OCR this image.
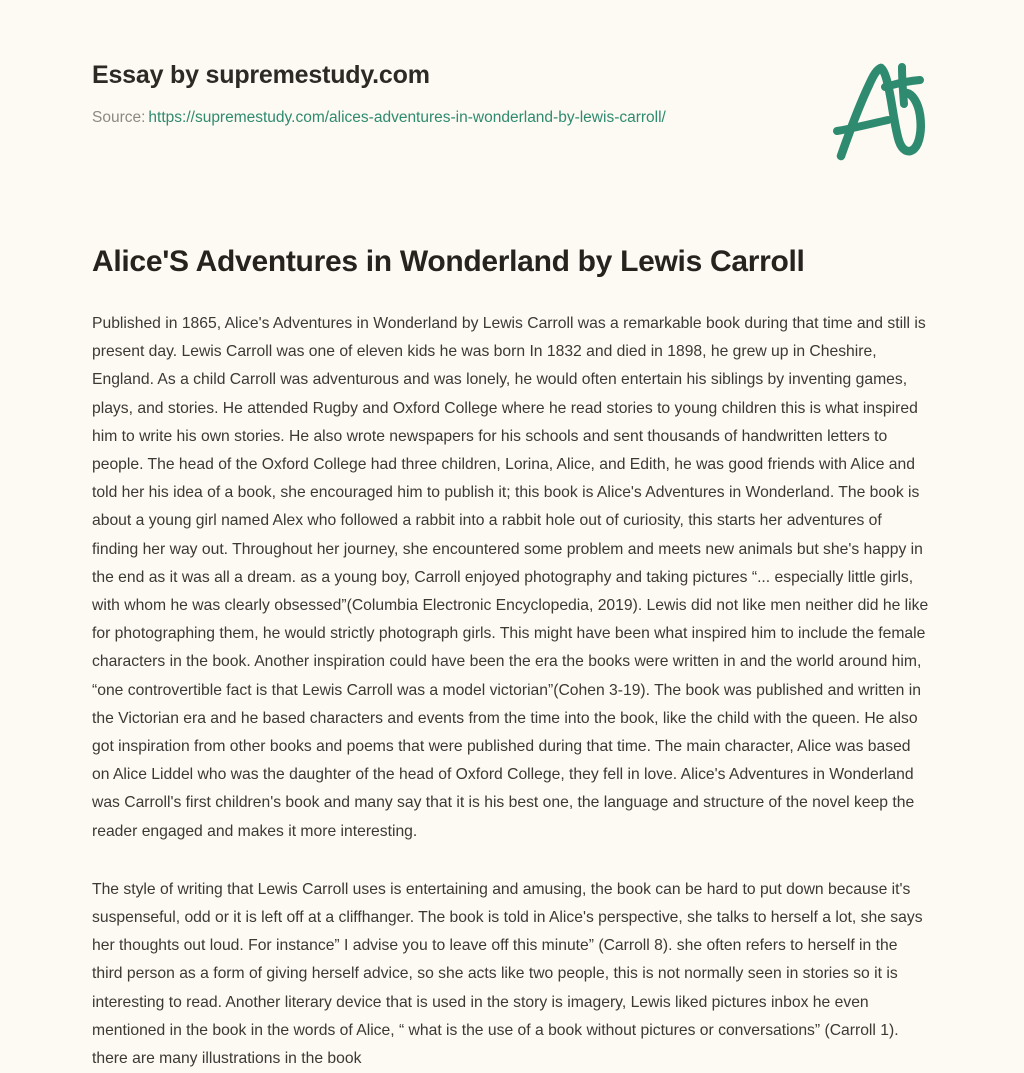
Essay by supremestudy.com
Source: https://supremestudy.com/alices-adventures-in-wonderland-by-lewis-carroll/
Alice'S Adventures in Wonderland by Lewis Carroll

Published in 1865, Alice's Adventures in Wonderland by Lewis Carroll was a remarkable book during that time and still is present day. Lewis Carroll was one of eleven kids he was born In 1832 and died in 1898, he grew up in Cheshire, England. As a child Carroll was adventurous and was lonely, he would often entertain his siblings by inventing games, plays, and stories. He attended Rugby and Oxford College where he read stories to young children this is what inspired him to write his own stories. He also wrote newspapers for his schools and sent thousands of handwritten letters to people. The head of the Oxford College had three children, Lorina, Alice, and Edith, he was good friends with Alice and told her his idea of a book, she encouraged him to publish it; this book is Alice's Adventures in Wonderland. The book is about a young girl named Alex who followed a rabbit into a rabbit hole out of curiosity, this starts her adventures of finding her way out. Throughout her journey, she encountered some problem and meets new animals but she's happy in the end as it was all a dream. as a young boy, Carroll enjoyed photography and taking pictures “... especially little girls, with whom he was clearly obsessed”(Columbia Electronic Encyclopedia, 2019). Lewis did not like men neither did he like for photographing them, he would strictly photograph girls. This might have been what inspired him to include the female characters in the book. Another inspiration could have been the era the books were written in and the world around him, “one controvertible fact is that Lewis Carroll was a model victorian”(Cohen 3-19). The book was published and written in the Victorian era and he based characters and events from the time into the book, like the child with the queen. He also got inspiration from other books and poems that were published during that time. The main character, Alice was based on Alice Liddel who was the daughter of the head of Oxford College, they fell in love. Alice's Adventures in Wonderland was Carroll's first children's book and many say that it is his best one, the language and structure of the novel keep the reader engaged and makes it more interesting.

The style of writing that Lewis Carroll uses is entertaining and amusing, the book can be hard to put down because it's suspenseful, odd or it is left off at a cliffhanger. The book is told in Alice's perspective, she talks to herself a lot, she says her thoughts out loud. For instance” I advise you to leave off this minute” (Carroll 8). she often refers to herself in the third person as a form of giving herself advice, so she acts like two people, this is not normally seen in stories so it is interesting to read. Another literary device that is used in the story is imagery, Lewis liked pictures inbox he even mentioned in the book in the words of Alice, “ what is the use of a book without pictures or conversations” (Carroll 1). there are many illustrations in the book
